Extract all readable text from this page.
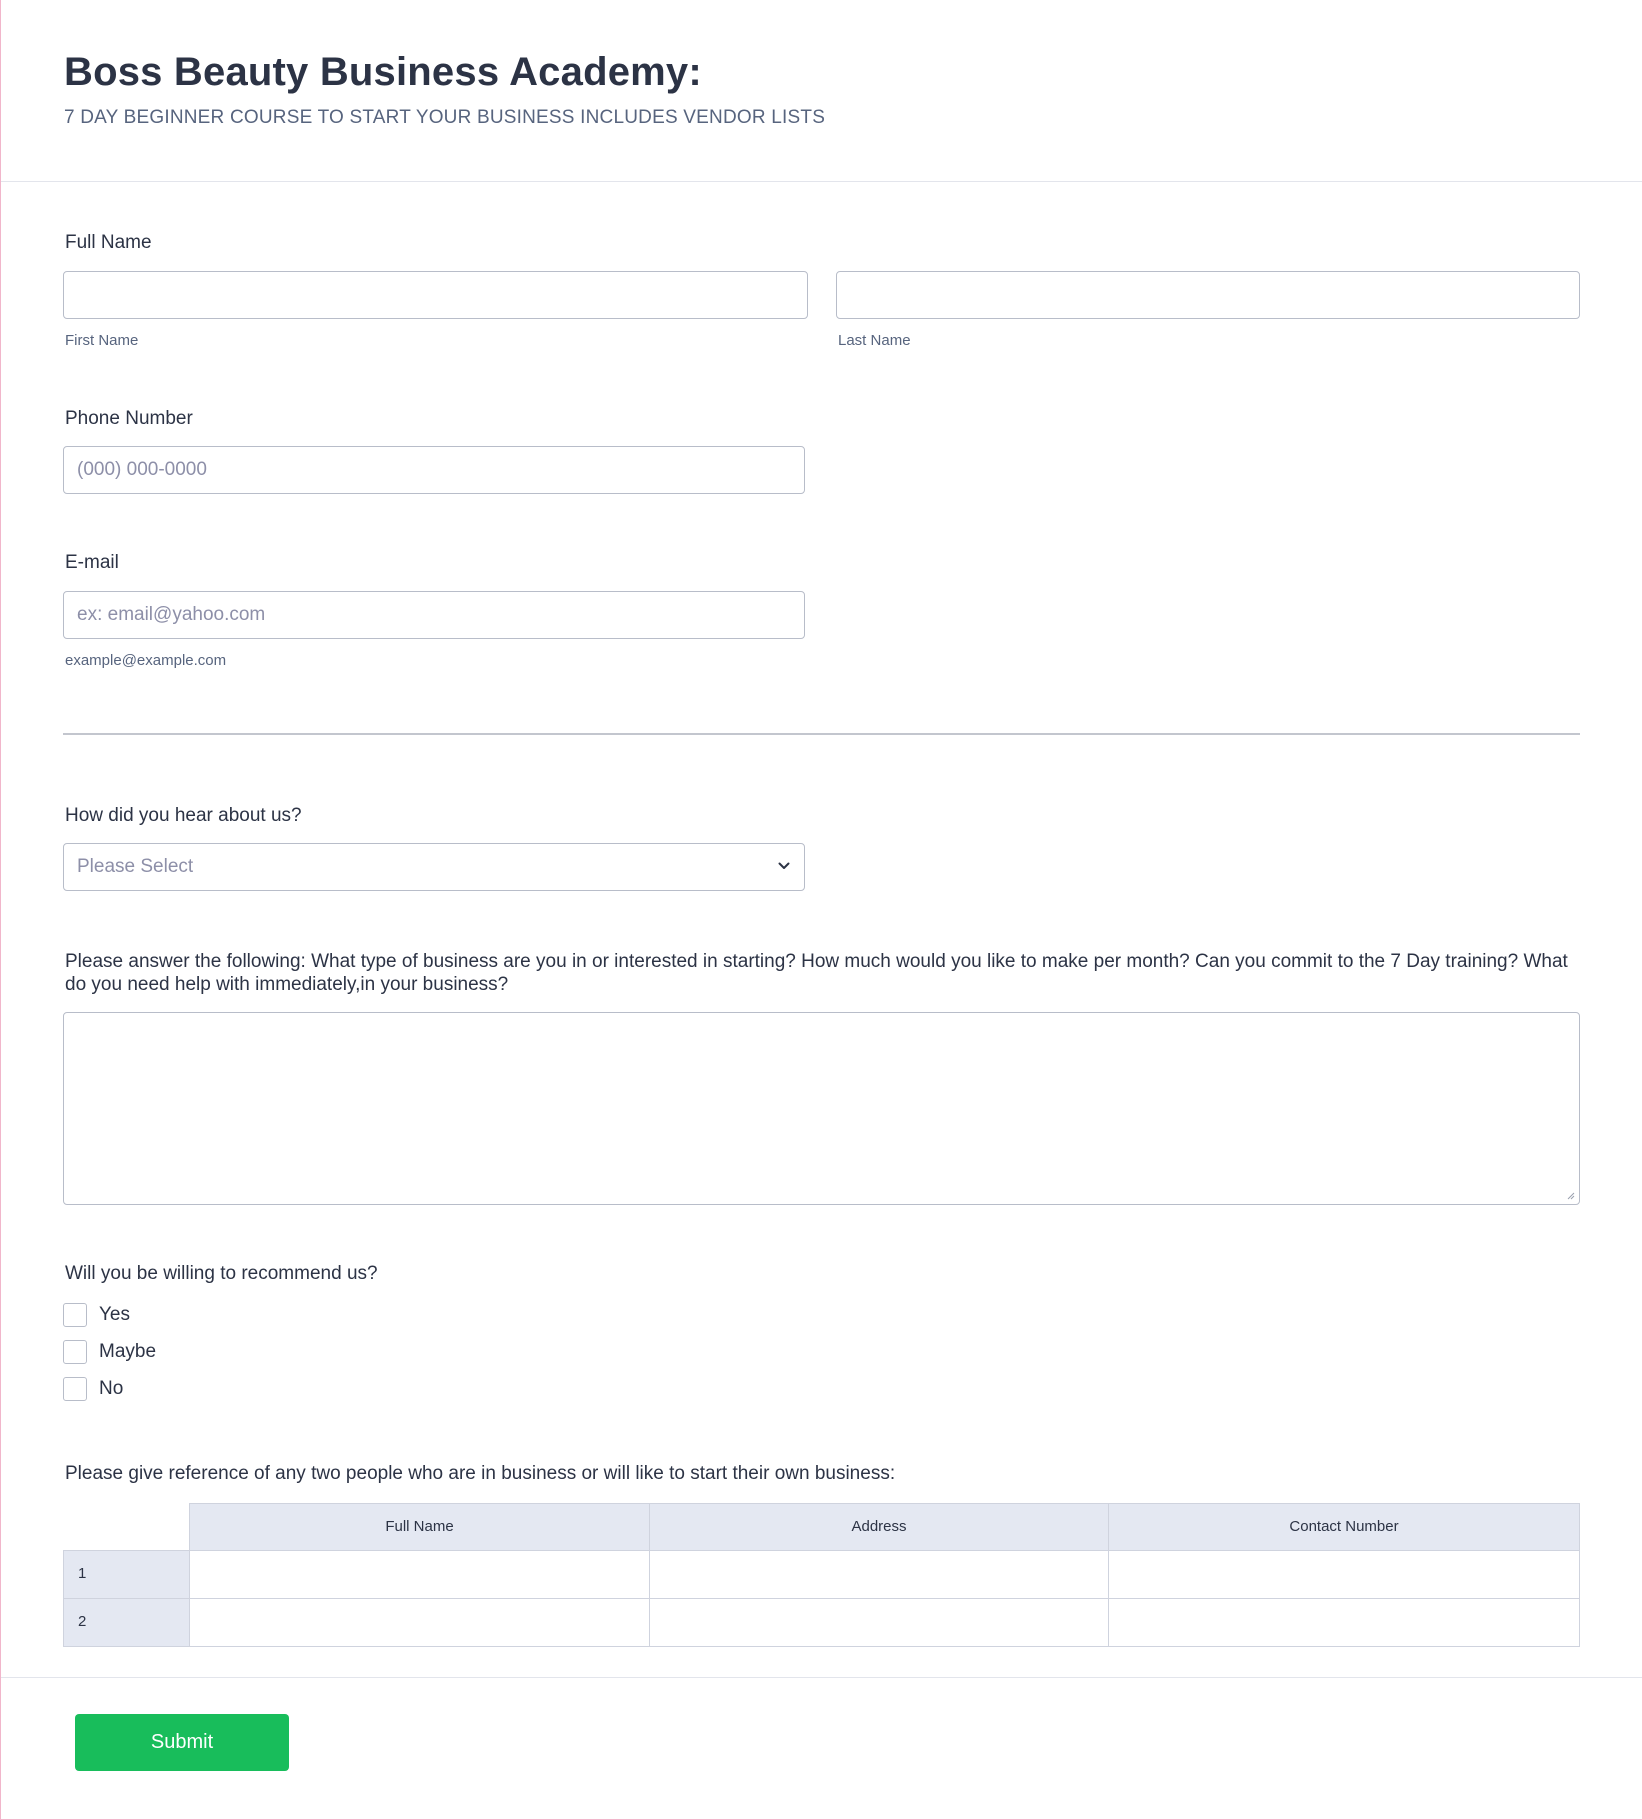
Boss Beauty Business Academy:
7 DAY BEGINNER COURSE TO START YOUR BUSINESS INCLUDES VENDOR LISTS
Full Name
First Name	Last Name
Phone Number
(000) 000-0000
E-mail
ex: email@yahoo.com
example@example.com
How did you hear about us?
Please Select
Please answer the following: What type of business are you in or interested in starting? How much would you like to make per month? Can you commit to the 7 Day training? What do you need help with immediately,in your business?
Will you be willing to recommend us?
Yes
Maybe
No
Please give reference of any two people who are in business or will like to start their own business:
Full Name	Address	Contact Number
1
2
Submit
